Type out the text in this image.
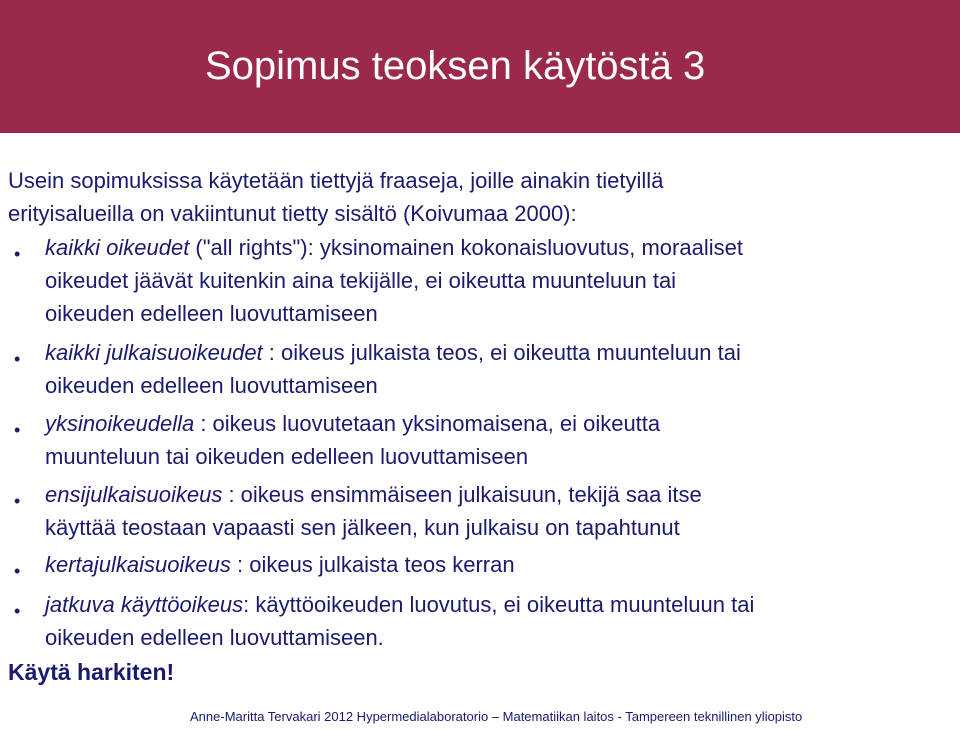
Sopimus teoksen käytöstä 3

Usein sopimuksissa käytetään tiettyjä fraaseja, joille ainakin tietyillä
erityisalueilla on vakiintunut tietty sisältö (Koivumaa 2000):

• kaikki oikeudet ("all rights"): yksinomainen kokonaisluovutus, moraaliset
oikeudet jäävät kuitenkin aina tekijälle, ei oikeutta muunteluun tai
oikeuden edelleen luovuttamiseen
• kaikki julkaisuoikeudet : oikeus julkaista teos, ei oikeutta muunteluun tai
oikeuden edelleen luovuttamiseen
• yksinoikeudella : oikeus luovutetaan yksinomaisena, ei oikeutta
muunteluun tai oikeuden edelleen luovuttamiseen
• ensijulkaisuoikeus : oikeus ensimmäiseen julkaisuun, tekijä saa itse
käyttää teostaan vapaasti sen jälkeen, kun julkaisu on tapahtunut
• kertajulkaisuoikeus : oikeus julkaista teos kerran
• jatkuva käyttöoikeus: käyttöoikeuden luovutus, ei oikeutta muunteluun tai
oikeuden edelleen luovuttamiseen.
Käytä harkiten!
Anne-Maritta Tervakari 2012 Hypermedialaboratorio – Matematiikan laitos - Tampereen teknillinen yliopisto
